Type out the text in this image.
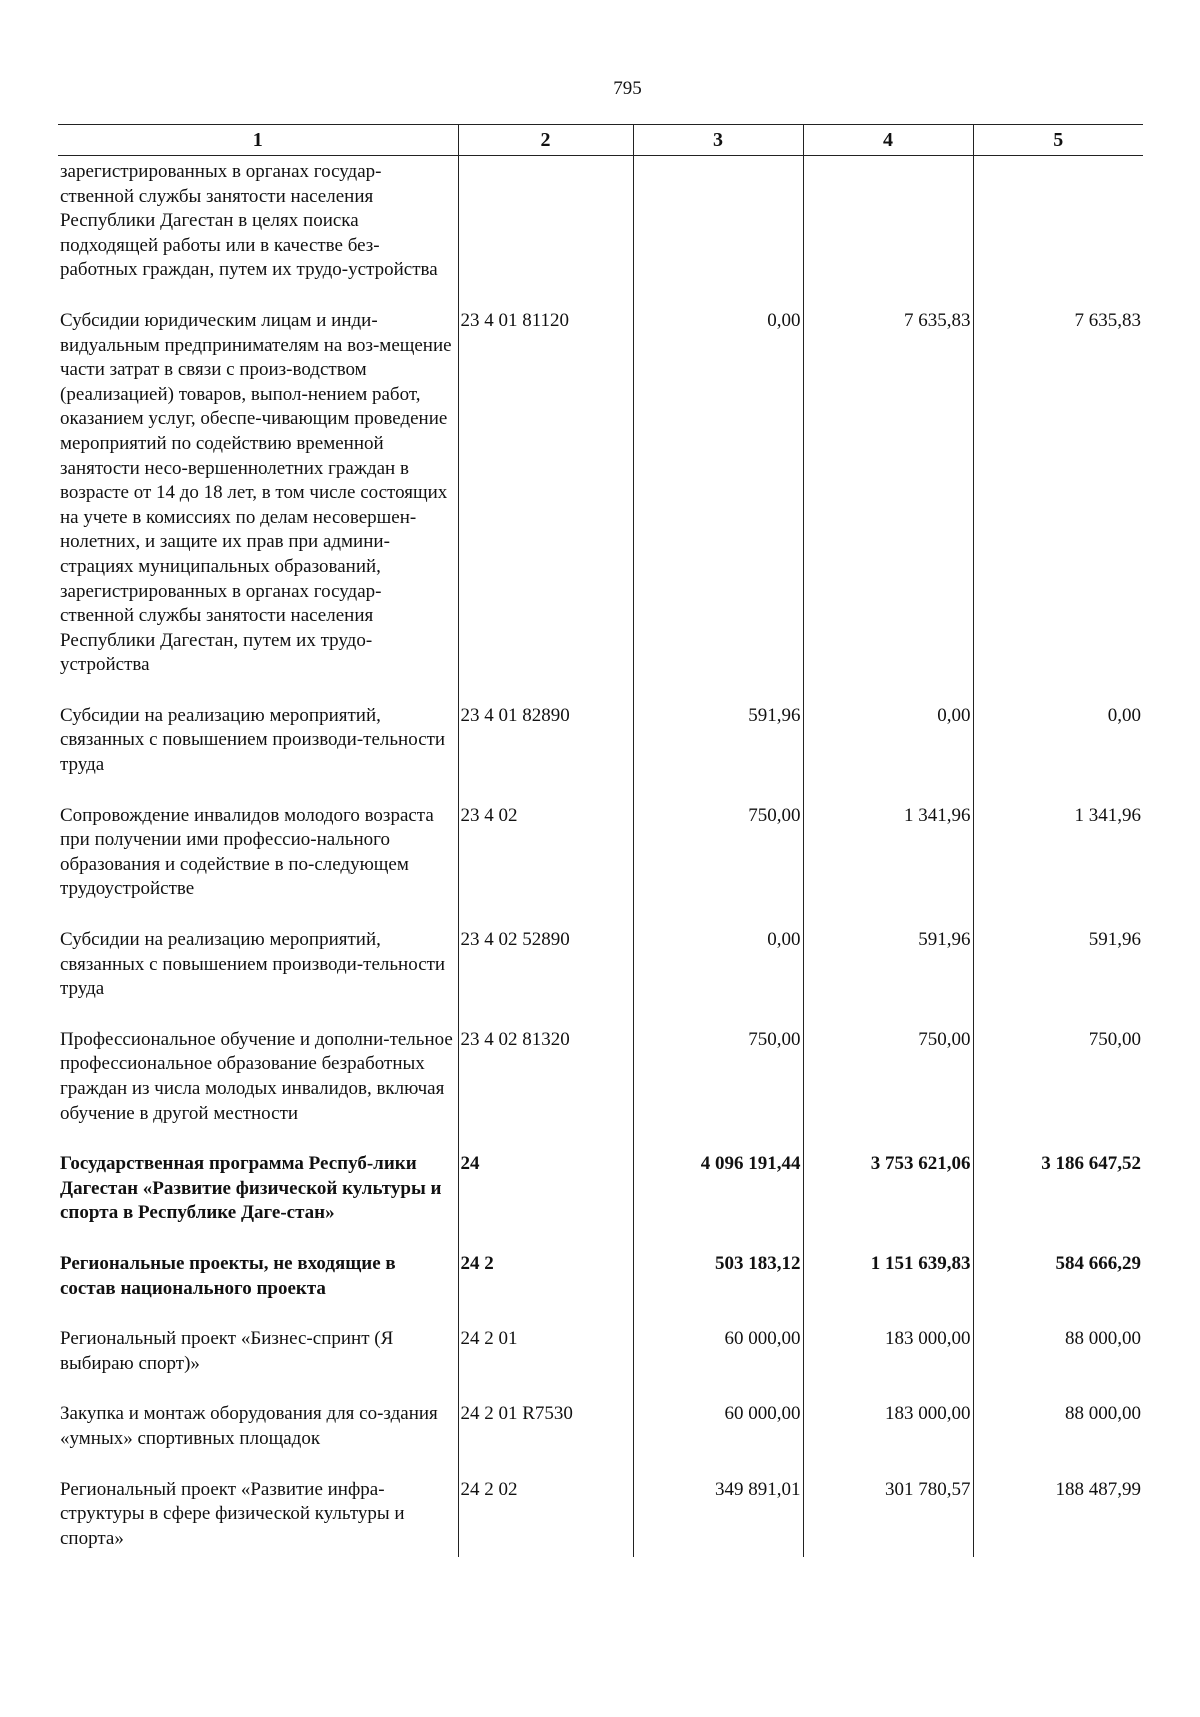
795
1	2	3	4	5
зарегистрированных в органах государ-ственной службы занятости населения Республики Дагестан в целях поиска подходящей работы или в качестве без-работных граждан, путем их трудо-устройства				
Субсидии юридическим лицам и инди-видуальным предпринимателям на воз-мещение части затрат в связи с произ-водством (реализацией) товаров, выпол-нением работ, оказанием услуг, обеспе-чивающим проведение мероприятий по содействию временной занятости несо-вершеннолетних граждан в возрасте от 14 до 18 лет, в том числе состоящих на учете в комиссиях по делам несовершен-нолетних, и защите их прав при админи-страциях муниципальных образований, зарегистрированных в органах государ-ственной службы занятости населения Республики Дагестан, путем их трудо-устройства	23 4 01 81120	0,00	7 635,83	7 635,83
Субсидии на реализацию мероприятий, связанных с повышением производи-тельности труда	23 4 01 82890	591,96	0,00	0,00
Сопровождение инвалидов молодого возраста при получении ими профессио-нального образования и содействие в по-следующем трудоустройстве	23 4 02	750,00	1 341,96	1 341,96
Субсидии на реализацию мероприятий, связанных с повышением производи-тельности труда	23 4 02 52890	0,00	591,96	591,96
Профессиональное обучение и дополни-тельное профессиональное образование безработных граждан из числа молодых инвалидов, включая обучение в другой местности	23 4 02 81320	750,00	750,00	750,00
Государственная программа Респуб-лики Дагестан «Развитие физической культуры и спорта в Республике Даге-стан»	24	4 096 191,44	3 753 621,06	3 186 647,52
Региональные проекты, не входящие в состав национального проекта	24 2	503 183,12	1 151 639,83	584 666,29
Региональный проект «Бизнес-спринт (Я выбираю спорт)»	24 2 01	60 000,00	183 000,00	88 000,00
Закупка и монтаж оборудования для со-здания «умных» спортивных площадок	24 2 01 R7530	60 000,00	183 000,00	88 000,00
Региональный проект «Развитие инфра-структуры в сфере физической культуры и спорта»	24 2 02	349 891,01	301 780,57	188 487,99
